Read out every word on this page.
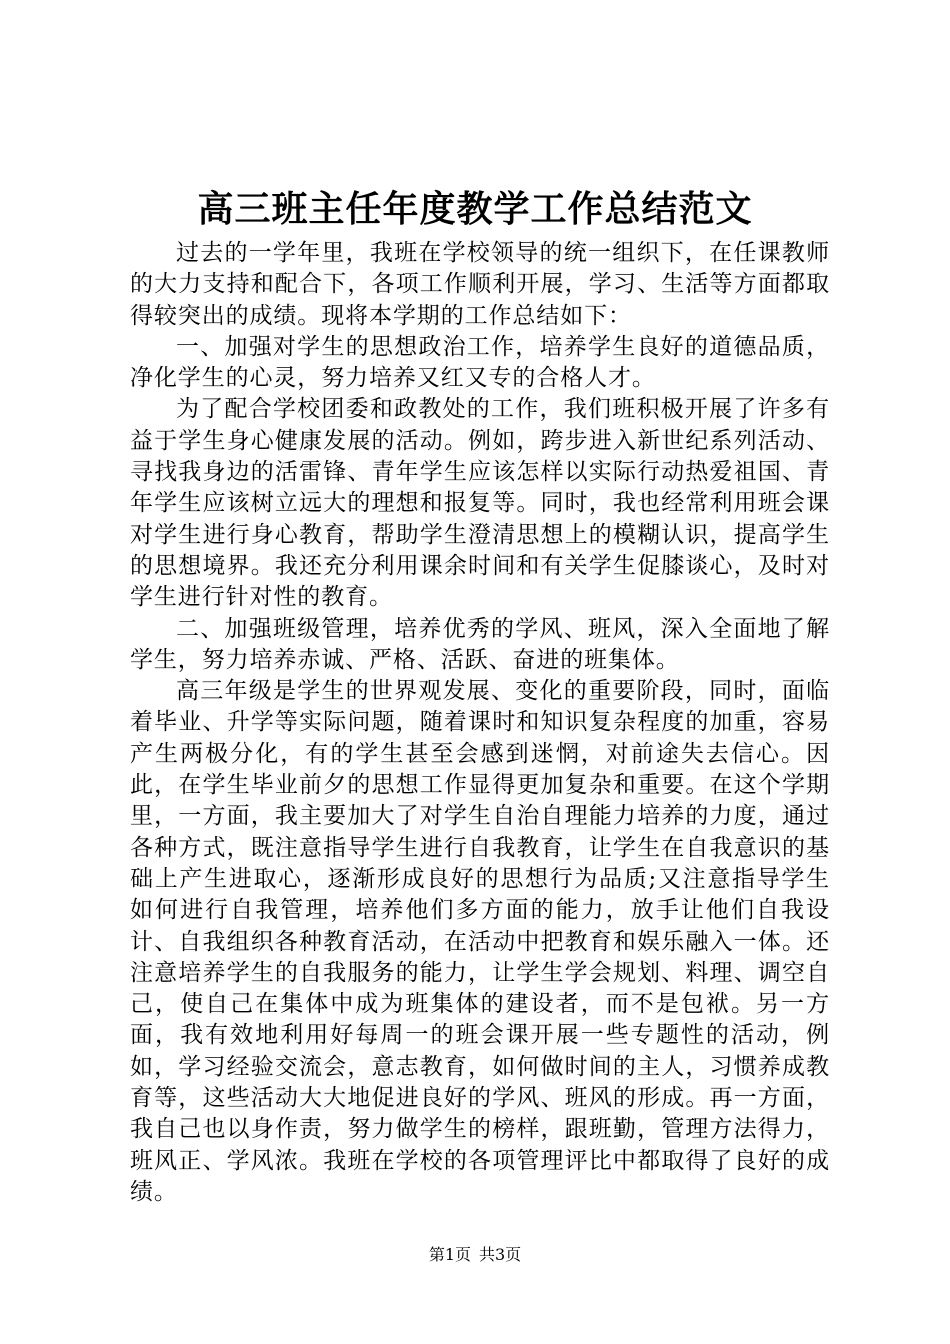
高三班主任年度教学工作总结范文

过去的一学年里，我班在学校领导的统一组织下，在任课教师的大力支持和配合下，各项工作顺利开展，学习、生活等方面都取得较突出的成绩。现将本学期的工作总结如下：

一、加强对学生的思想政治工作，培养学生良好的道德品质，净化学生的心灵，努力培养又红又专的合格人才。

为了配合学校团委和政教处的工作，我们班积极开展了许多有益于学生身心健康发展的活动。例如，跨步进入新世纪系列活动、寻找我身边的活雷锋、青年学生应该怎样以实际行动热爱祖国、青年学生应该树立远大的理想和报复等。同时，我也经常利用班会课对学生进行身心教育，帮助学生澄清思想上的模糊认识，提高学生的思想境界。我还充分利用课余时间和有关学生促膝谈心，及时对学生进行针对性的教育。

二、加强班级管理，培养优秀的学风、班风，深入全面地了解学生，努力培养赤诚、严格、活跃、奋进的班集体。

高三年级是学生的世界观发展、变化的重要阶段，同时，面临着毕业、升学等实际问题，随着课时和知识复杂程度的加重，容易产生两极分化，有的学生甚至会感到迷惘，对前途失去信心。因此，在学生毕业前夕的思想工作显得更加复杂和重要。在这个学期里，一方面，我主要加大了对学生自治自理能力培养的力度，通过各种方式，既注意指导学生进行自我教育，让学生在自我意识的基础上产生进取心，逐渐形成良好的思想行为品质;又注意指导学生如何进行自我管理，培养他们多方面的能力，放手让他们自我设计、自我组织各种教育活动，在活动中把教育和娱乐融入一体。还注意培养学生的自我服务的能力，让学生学会规划、料理、调空自己，使自己在集体中成为班集体的建设者，而不是包袱。另一方面，我有效地利用好每周一的班会课开展一些专题性的活动，例如，学习经验交流会，意志教育，如何做时间的主人，习惯养成教育等，这些活动大大地促进良好的学风、班风的形成。再一方面，我自己也以身作责，努力做学生的榜样，跟班勤，管理方法得力，班风正、学风浓。我班在学校的各项管理评比中都取得了良好的成绩。

第1页 共3页
